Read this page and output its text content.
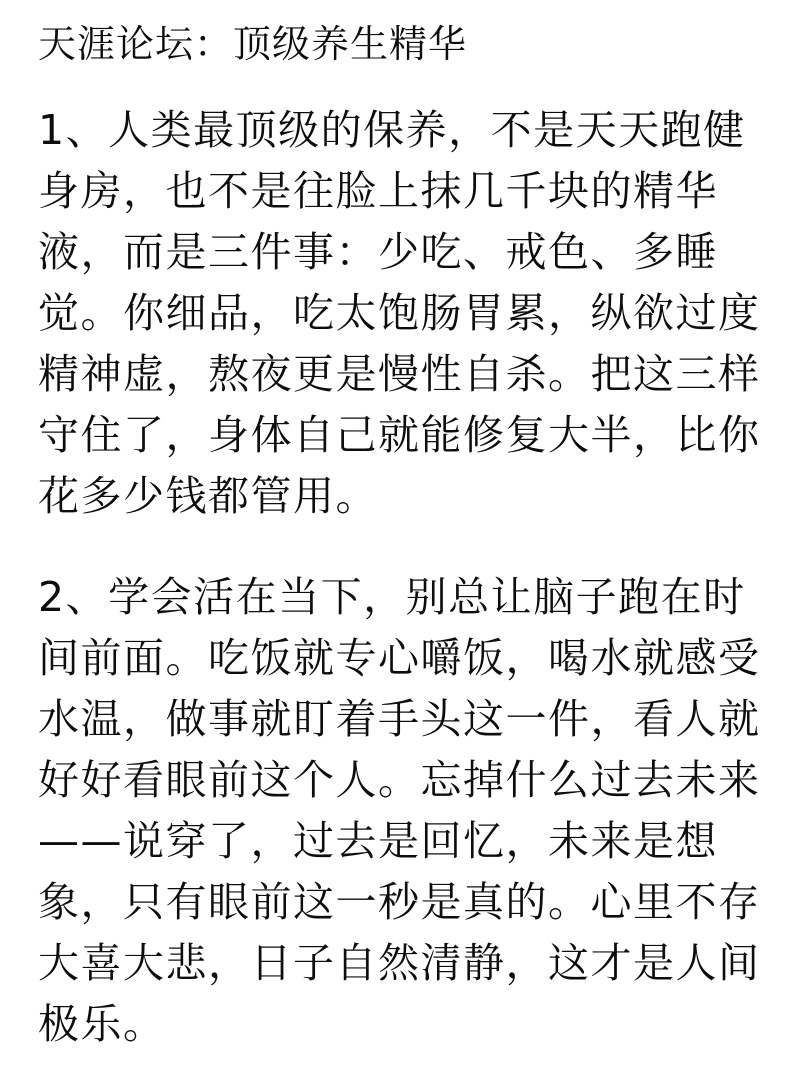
天涯论坛：顶级养生精华
1、人类最顶级的保养，不是天天跑健
身房，也不是往脸上抹几千块的精华
液，而是三件事：少吃、戒色、多睡
觉。你细品，吃太饱肠胃累，纵欲过度
精神虚，熬夜更是慢性自杀。把这三样
守住了，身体自己就能修复大半，比你
花多少钱都管用。
2、学会活在当下，别总让脑子跑在时
间前面。吃饭就专心嚼饭，喝水就感受
水温，做事就盯着手头这一件，看人就
好好看眼前这个人。忘掉什么过去未来
——说穿了，过去是回忆，未来是想
象，只有眼前这一秒是真的。心里不存
大喜大悲，日子自然清静，这才是人间
极乐。
